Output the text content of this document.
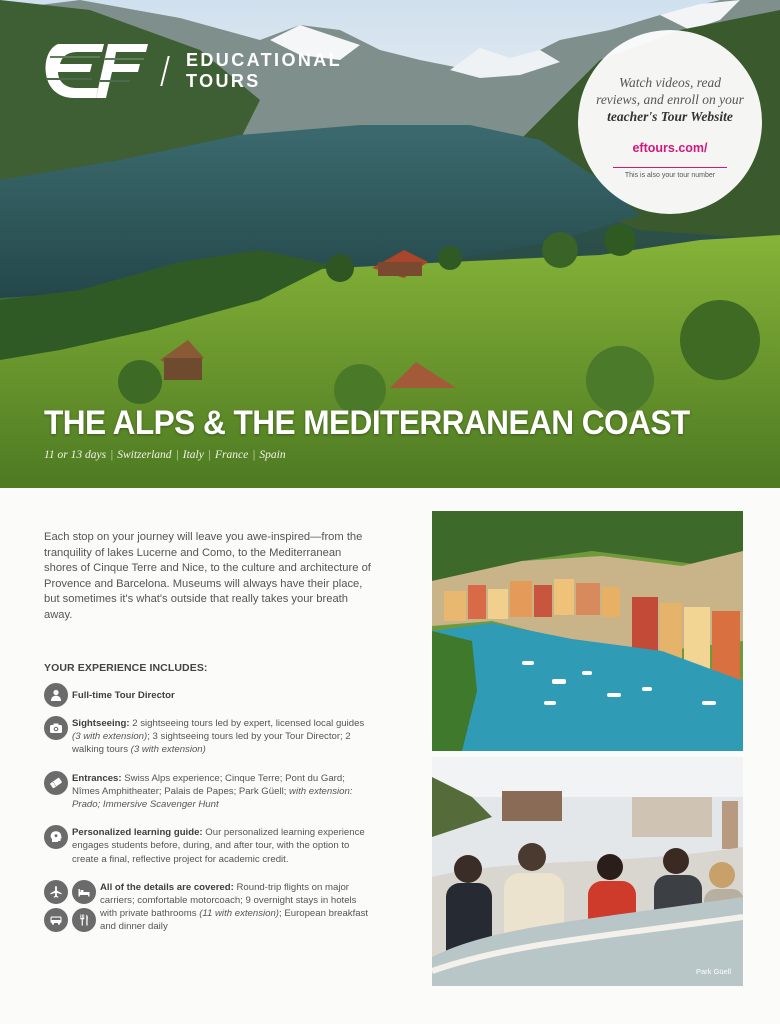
EDUCATIONAL
TOURS	Watch videos, read
reviews, and enroll on your
teacher's Tour Website
eftours.com/
This is also your tour number
THE ALPS & THE MEDITERRANEAN COAST
11 or 13 days | Switzerland | Italy | France | Spain

Each stop on your journey will leave you awe-inspired—from the tranquility of lakes Lucerne and Como, to the Mediterranean shores of Cinque Terre and Nice, to the culture and architecture of Provence and Barcelona. Museums will always have their place, but sometimes it's what's outside that really takes your breath away.

YOUR EXPERIENCE INCLUDES:
Full-time Tour Director
Sightseeing: 2 sightseeing tours led by expert, licensed local guides (3 with extension); 3 sightseeing tours led by your Tour Director; 2 walking tours (3 with extension)
Entrances: Swiss Alps experience; Cinque Terre; Pont du Gard; Nîmes Amphitheater; Palais de Papes; Park Güell; with extension: Prado; Immersive Scavenger Hunt
Personalized learning guide: Our personalized learning experience engages students before, during, and after tour, with the option to create a final, reflective project for academic credit.
All of the details are covered: Round-trip flights on major carriers; comfortable motorcoach; 9 overnight stays in hotels with private bathrooms (11 with extension); European breakfast and dinner daily
Park Güell
